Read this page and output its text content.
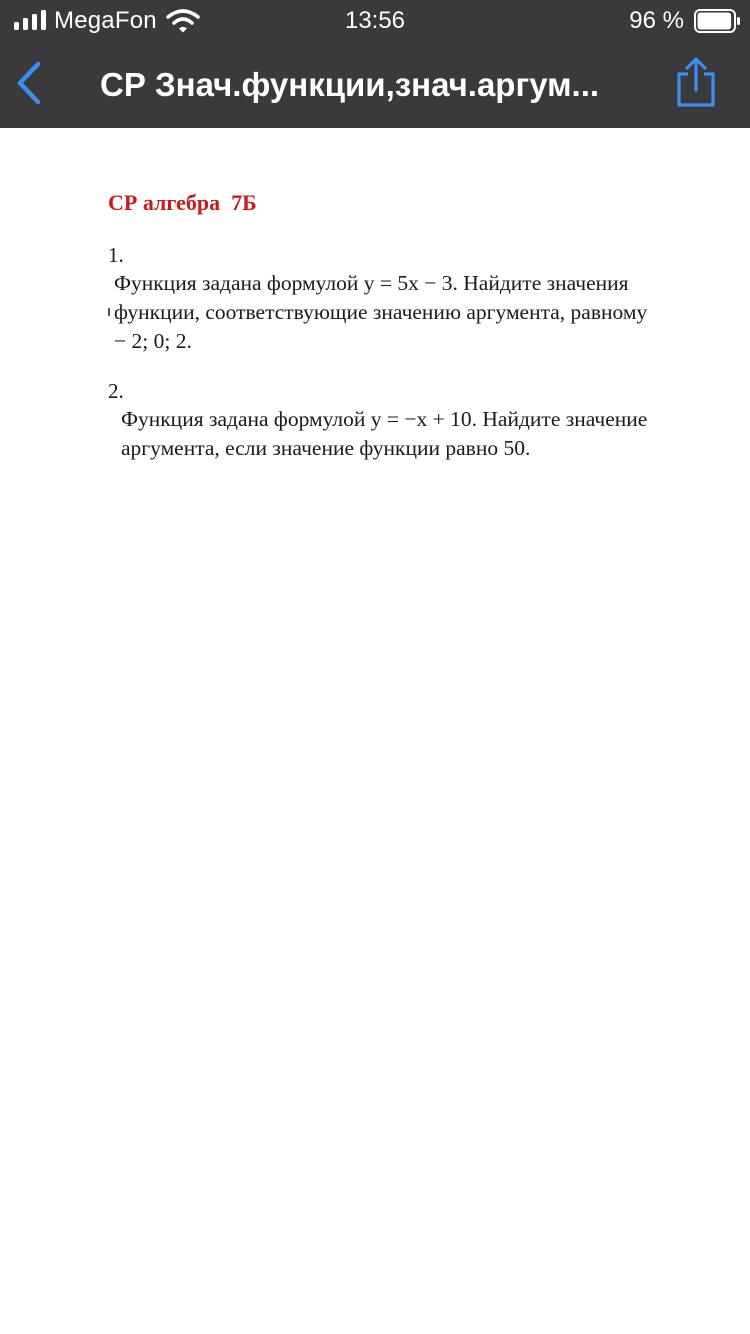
MegaFon	13:56	96 %
СР Знач.функции,знач.аргум...
СР алгебра  7Б
1.
Функция задана формулой y = 5x − 3. Найдите значения
функции, соответствующие значению аргумента, равному
− 2; 0; 2.
2.
Функция задана формулой y = −x + 10. Найдите значение
аргумента, если значение функции равно 50.
